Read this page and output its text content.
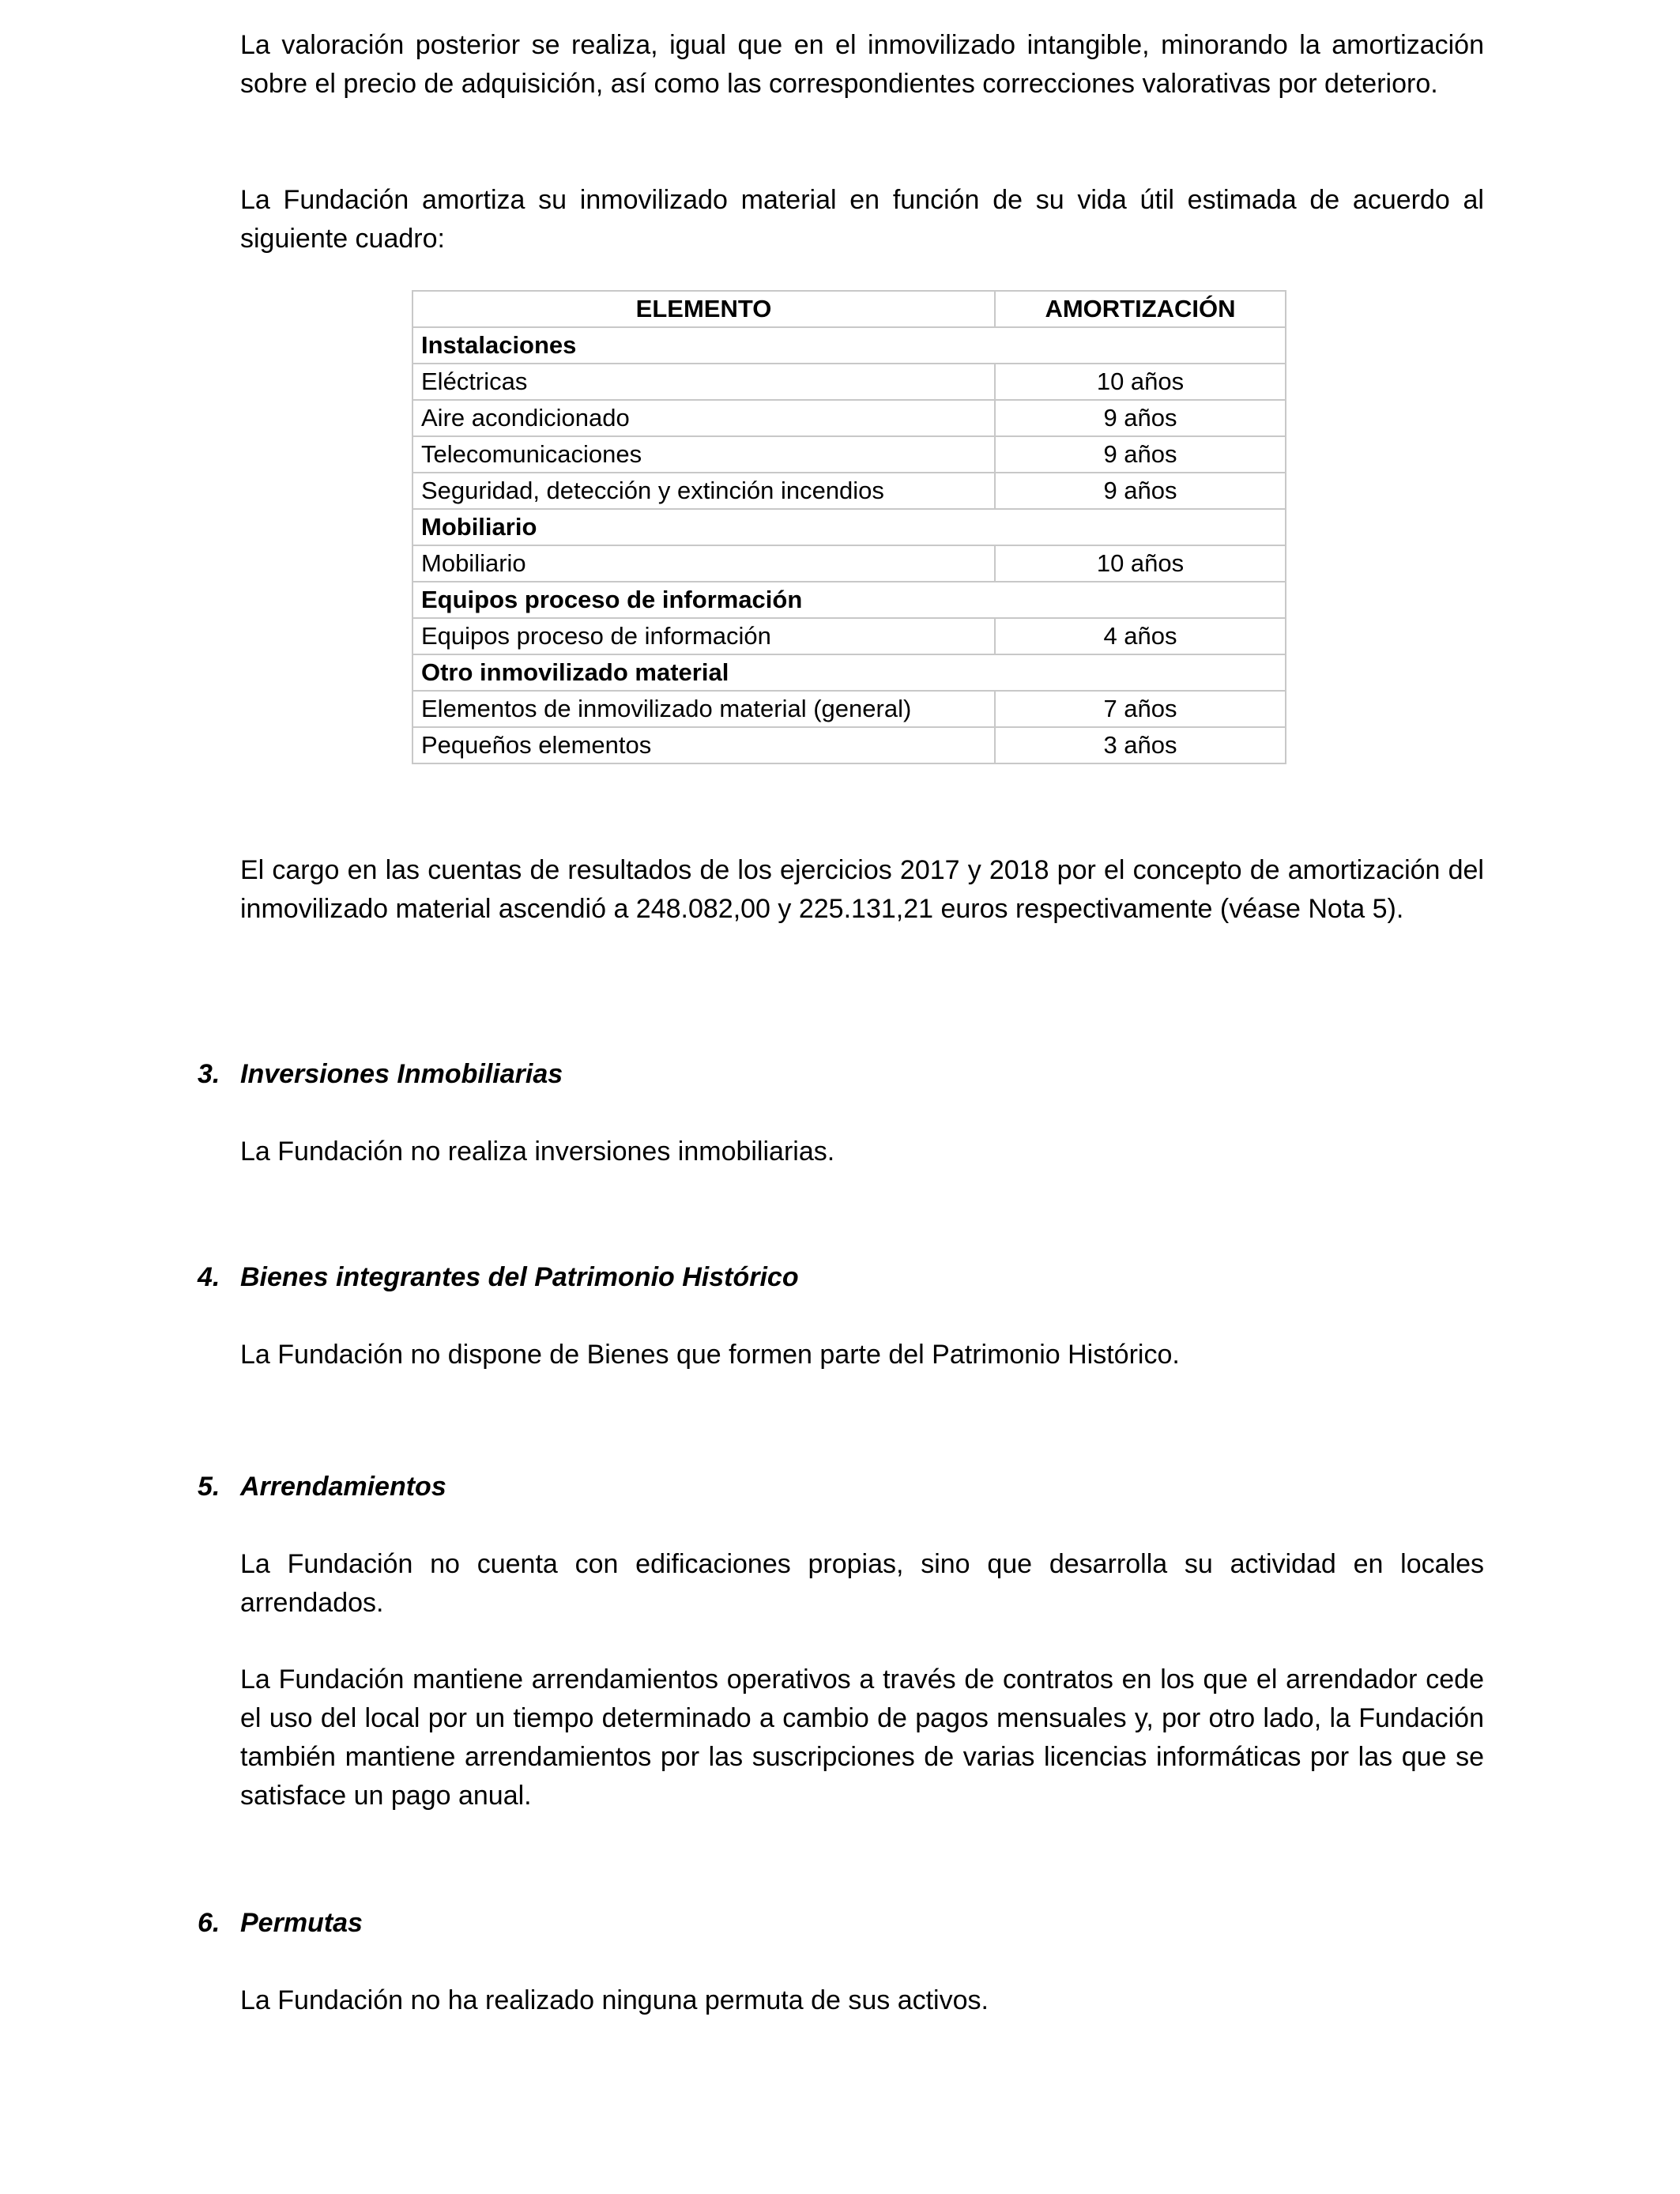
La valoración posterior se realiza, igual que en el inmovilizado intangible, minorando la amortización sobre el precio de adquisición, así como las correspondientes correcciones valorativas por deterioro.

La Fundación amortiza su inmovilizado material en función de su vida útil estimada de acuerdo al siguiente cuadro:

ELEMENTO	AMORTIZACIÓN
Instalaciones	
Eléctricas	10 años
Aire acondicionado	9 años
Telecomunicaciones	9 años
Seguridad, detección y extinción incendios	9 años
Mobiliario	
Mobiliario	10 años
Equipos proceso de información	
Equipos proceso de información	4 años
Otro inmovilizado material	
Elementos de inmovilizado material (general)	7 años
Pequeños elementos	3 años

El cargo en las cuentas de resultados de los ejercicios 2017 y 2018 por el concepto de amortización del inmovilizado material ascendió a 248.082,00 y 225.131,21 euros respectivamente (véase Nota 5).

3. Inversiones Inmobiliarias

La Fundación no realiza inversiones inmobiliarias.

4. Bienes integrantes del Patrimonio Histórico

La Fundación no dispone de Bienes que formen parte del Patrimonio Histórico.

5. Arrendamientos

La Fundación no cuenta con edificaciones propias, sino que desarrolla su actividad en locales arrendados.

La Fundación mantiene arrendamientos operativos a través de contratos en los que el arrendador cede el uso del local por un tiempo determinado a cambio de pagos mensuales y, por otro lado, la Fundación también mantiene arrendamientos por las suscripciones de varias licencias informáticas por las que se satisface un pago anual.

6. Permutas

La Fundación no ha realizado ninguna permuta de sus activos.
